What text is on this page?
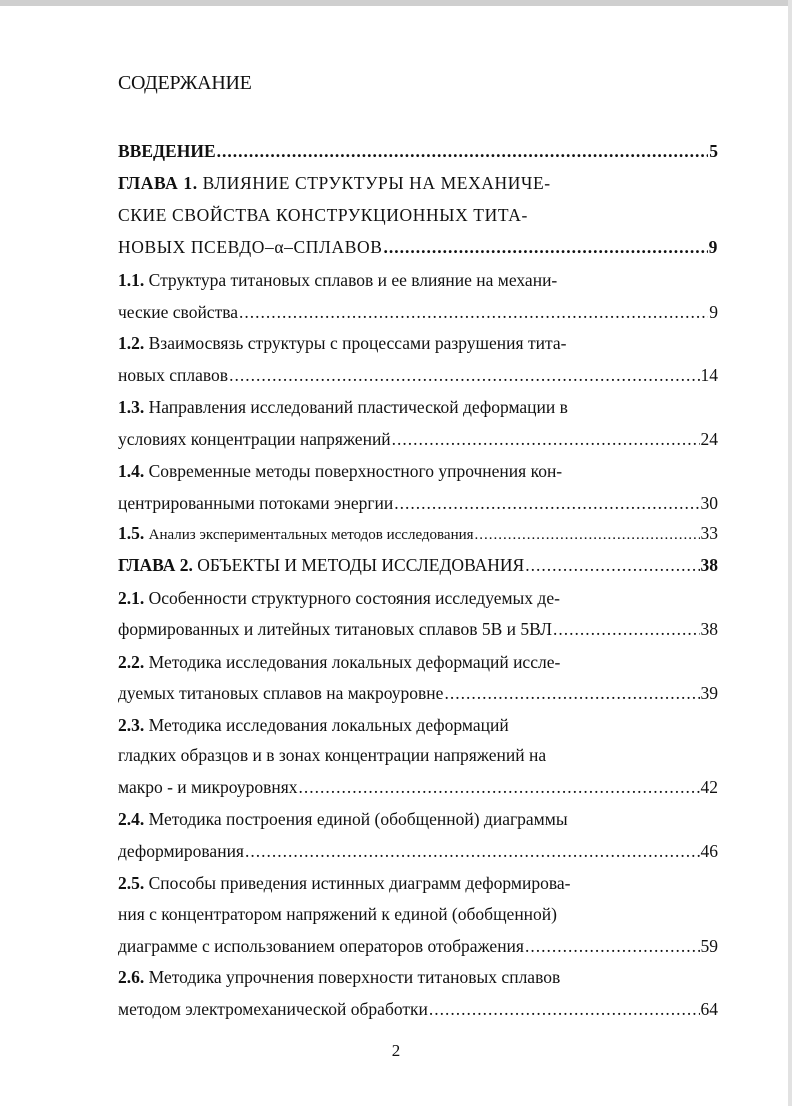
СОДЕРЖАНИЕ
ВВЕДЕНИЕ .....	5
ГЛАВА 1. ВЛИЯНИЕ СТРУКТУРЫ НА МЕХАНИЧЕ-
СКИЕ СВОЙСТВА КОНСТРУКЦИОННЫХ ТИТА-
НОВЫХ ПСЕВДО–α–СПЛАВОВ .....	9
1.1. Структура титановых сплавов и ее влияние на механи-
ческие свойства .....	9
1.2. Взаимосвязь структуры с процессами разрушения тита-
новых сплавов .....	14
1.3. Направления исследований пластической деформации в
условиях концентрации напряжений .....	24
1.4. Современные методы поверхностного упрочнения кон-
центрированными потоками энергии .....	30
1.5. Анализ экспериментальных методов исследования .....	33
ГЛАВА 2. ОБЪЕКТЫ И МЕТОДЫ ИССЛЕДОВАНИЯ .....	38
2.1. Особенности структурного состояния исследуемых де-
формированных и литейных титановых сплавов 5В и 5ВЛ .....	38
2.2. Методика исследования локальных деформаций иссле-
дуемых титановых сплавов на макроуровне .....	39
2.3. Методика исследования локальных деформаций
гладких образцов и в зонах концентрации напряжений на
макро - и микроуровнях .....	42
2.4. Методика построения единой (обобщенной) диаграммы
деформирования .....	46
2.5. Способы приведения истинных диаграмм деформирова-
ния с концентратором напряжений к единой (обобщенной)
диаграмме с использованием операторов отображения .....	59
2.6. Методика упрочнения поверхности титановых сплавов
методом электромеханической обработки .....	64
2
